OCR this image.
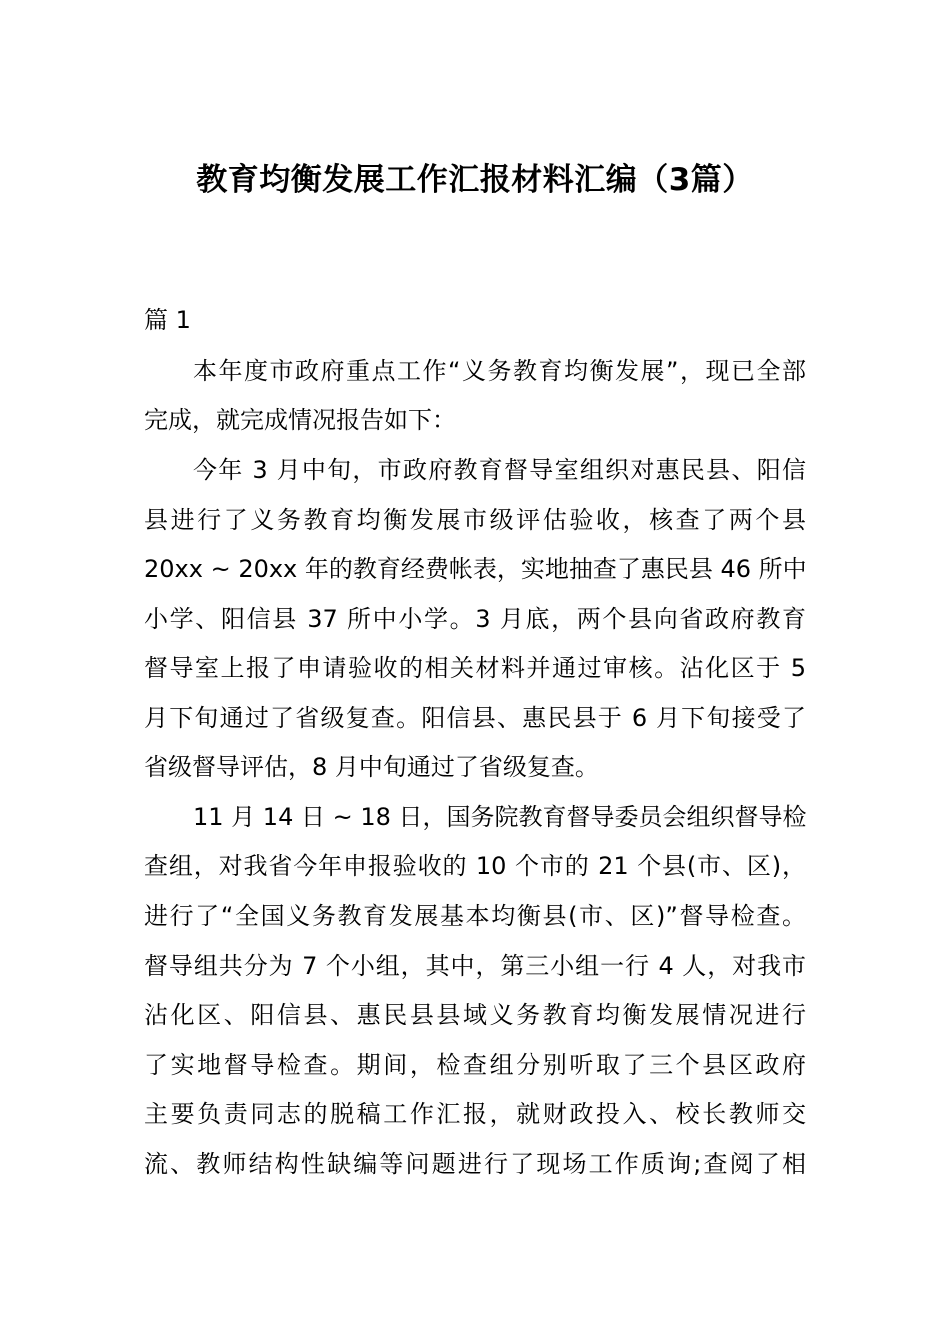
教育均衡发展工作汇报材料汇编（3篇）
篇 1
本年度市政府重点工作“义务教育均衡发展”，现已全部
完成，就完成情况报告如下：
今年 3 月中旬，市政府教育督导室组织对惠民县、阳信
县进行了义务教育均衡发展市级评估验收，核查了两个县
20xx ~ 20xx 年的教育经费帐表，实地抽查了惠民县 46 所中
小学、阳信县 37 所中小学。3 月底，两个县向省政府教育
督导室上报了申请验收的相关材料并通过审核。沾化区于 5
月下旬通过了省级复查。阳信县、惠民县于 6 月下旬接受了
省级督导评估，8 月中旬通过了省级复查。
11 月 14 日 ~ 18 日，国务院教育督导委员会组织督导检
查组，对我省今年申报验收的 10 个市的 21 个县(市、区)，
进行了“全国义务教育发展基本均衡县(市、区)”督导检查。
督导组共分为 7 个小组，其中，第三小组一行 4 人，对我市
沾化区、阳信县、惠民县县域义务教育均衡发展情况进行
了实地督导检查。期间，检查组分别听取了三个县区政府
主要负责同志的脱稿工作汇报，就财政投入、校长教师交
流、教师结构性缺编等问题进行了现场工作质询;查阅了相
